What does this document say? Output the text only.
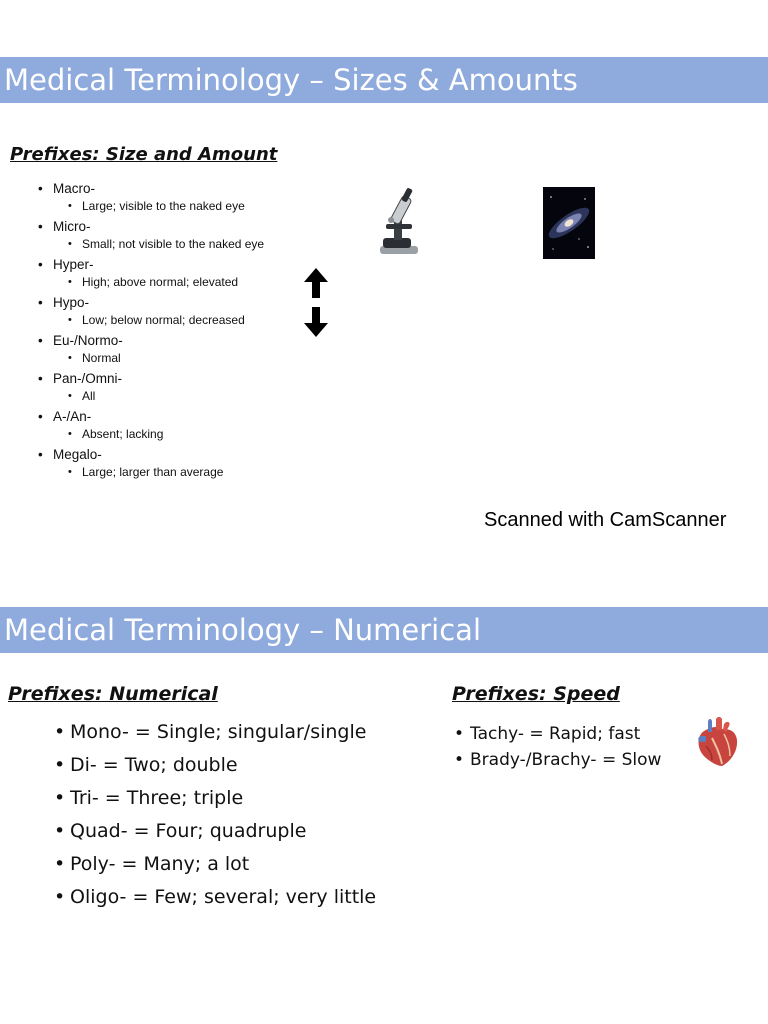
Medical Terminology – Sizes & Amounts
Prefixes: Size and Amount
• Macro-
• Large; visible to the naked eye
• Micro-
• Small; not visible to the naked eye
• Hyper-
• High; above normal; elevated
• Hypo-
• Low; below normal; decreased
• Eu-/Normo-
• Normal
• Pan-/Omni-
• All
• A-/An-
• Absent; lacking
• Megalo-
• Large; larger than average
Scanned with CamScanner
Medical Terminology – Numerical
Prefixes: Numerical
• Mono- = Single; singular/single
• Di- = Two; double
• Tri- = Three; triple
• Quad- = Four; quadruple
• Poly- = Many; a lot
• Oligo- = Few; several; very little
Prefixes: Speed
• Tachy- = Rapid; fast
• Brady-/Brachy- = Slow
